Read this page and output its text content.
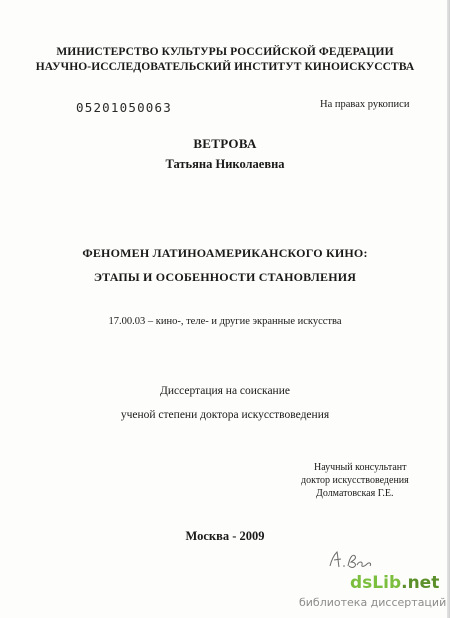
МИНИСТЕРСТВО КУЛЬТУРЫ РОССИЙСКОЙ ФЕДЕРАЦИИ
НАУЧНО-ИССЛЕДОВАТЕЛЬСКИЙ ИНСТИТУТ КИНОИСКУССТВА
05201050063	На правах рукописи
ВЕТРОВА
Татьяна Николаевна
ФЕНОМЕН ЛАТИНОАМЕРИКАНСКОГО КИНО:
ЭТАПЫ И ОСОБЕННОСТИ СТАНОВЛЕНИЯ
17.00.03 – кино-, теле- и другие экранные искусства
Диссертация на соискание
ученой степени доктора искусствоведения
Научный консультант
доктор искусствоведения
Долматовская Г.Е.
Москва - 2009
dsLib.net
библиотека диссертаций
